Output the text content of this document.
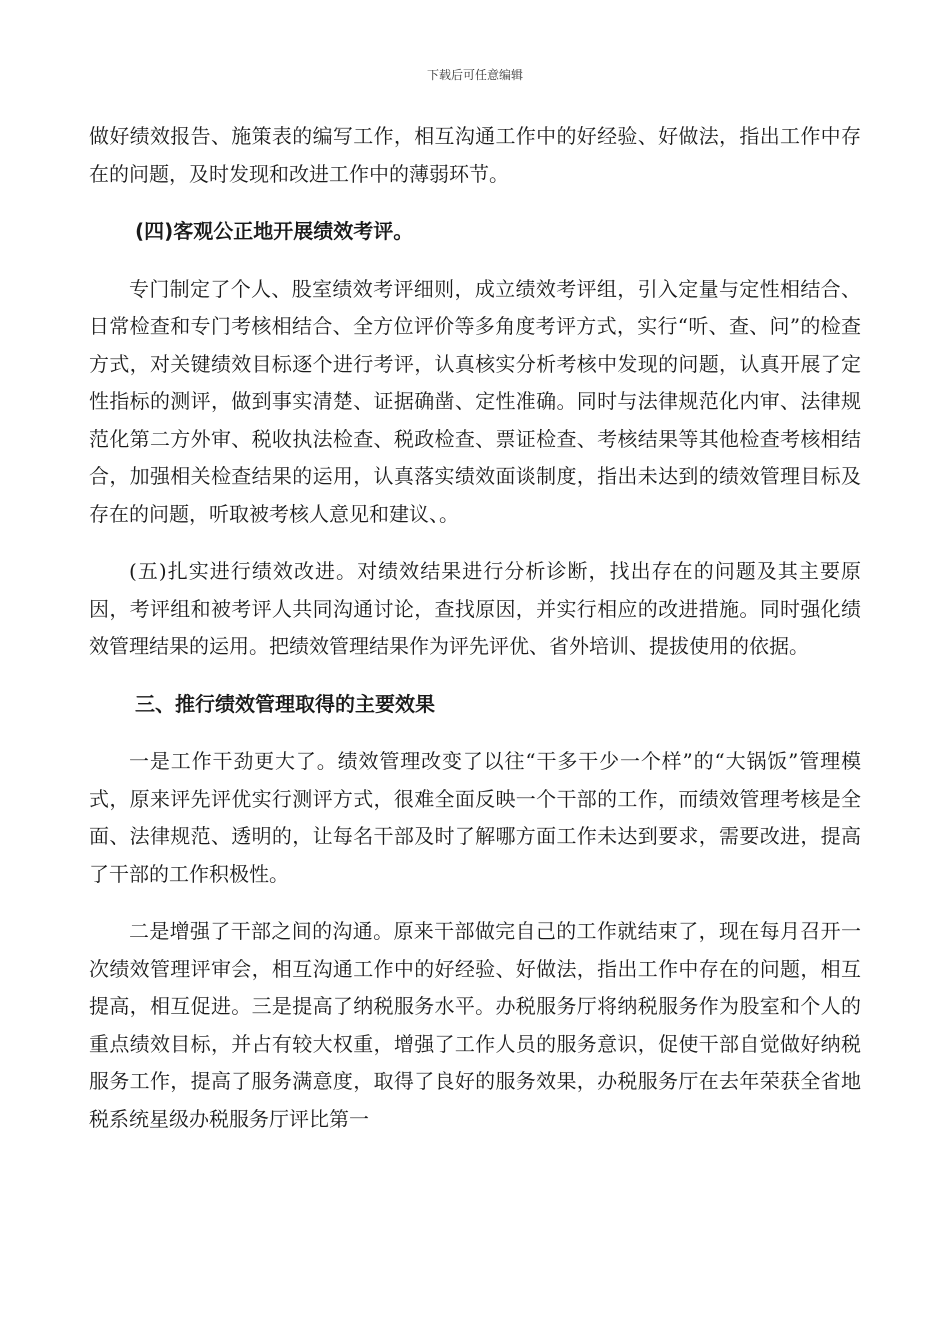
下载后可任意编辑

做好绩效报告、施策表的编写工作，相互沟通工作中的好经验、好做法，指出工作中存在的问题，及时发现和改进工作中的薄弱环节。

(四)客观公正地开展绩效考评。

专门制定了个人、股室绩效考评细则，成立绩效考评组，引入定量与定性相结合、日常检查和专门考核相结合、全方位评价等多角度考评方式，实行“听、查、问”的检查方式，对关键绩效目标逐个进行考评，认真核实分析考核中发现的问题，认真开展了定性指标的测评，做到事实清楚、证据确凿、定性准确。同时与法律规范化内审、法律规范化第二方外审、税收执法检查、税政检查、票证检查、考核结果等其他检查考核相结合，加强相关检查结果的运用，认真落实绩效面谈制度，指出未达到的绩效管理目标及存在的问题，听取被考核人意见和建议、。

(五)扎实进行绩效改进。对绩效结果进行分析诊断，找出存在的问题及其主要原因，考评组和被考评人共同沟通讨论，查找原因，并实行相应的改进措施。同时强化绩效管理结果的运用。把绩效管理结果作为评先评优、省外培训、提拔使用的依据。

三、推行绩效管理取得的主要效果

一是工作干劲更大了。绩效管理改变了以往“干多干少一个样”的“大锅饭”管理模式，原来评先评优实行测评方式，很难全面反映一个干部的工作，而绩效管理考核是全面、法律规范、透明的，让每名干部及时了解哪方面工作未达到要求，需要改进，提高了干部的工作积极性。

二是增强了干部之间的沟通。原来干部做完自己的工作就结束了，现在每月召开一次绩效管理评审会，相互沟通工作中的好经验、好做法，指出工作中存在的问题，相互提高，相互促进。三是提高了纳税服务水平。办税服务厅将纳税服务作为股室和个人的重点绩效目标，并占有较大权重，增强了工作人员的服务意识，促使干部自觉做好纳税服务工作，提高了服务满意度，取得了良好的服务效果，办税服务厅在去年荣获全省地税系统星级办税服务厅评比第一
